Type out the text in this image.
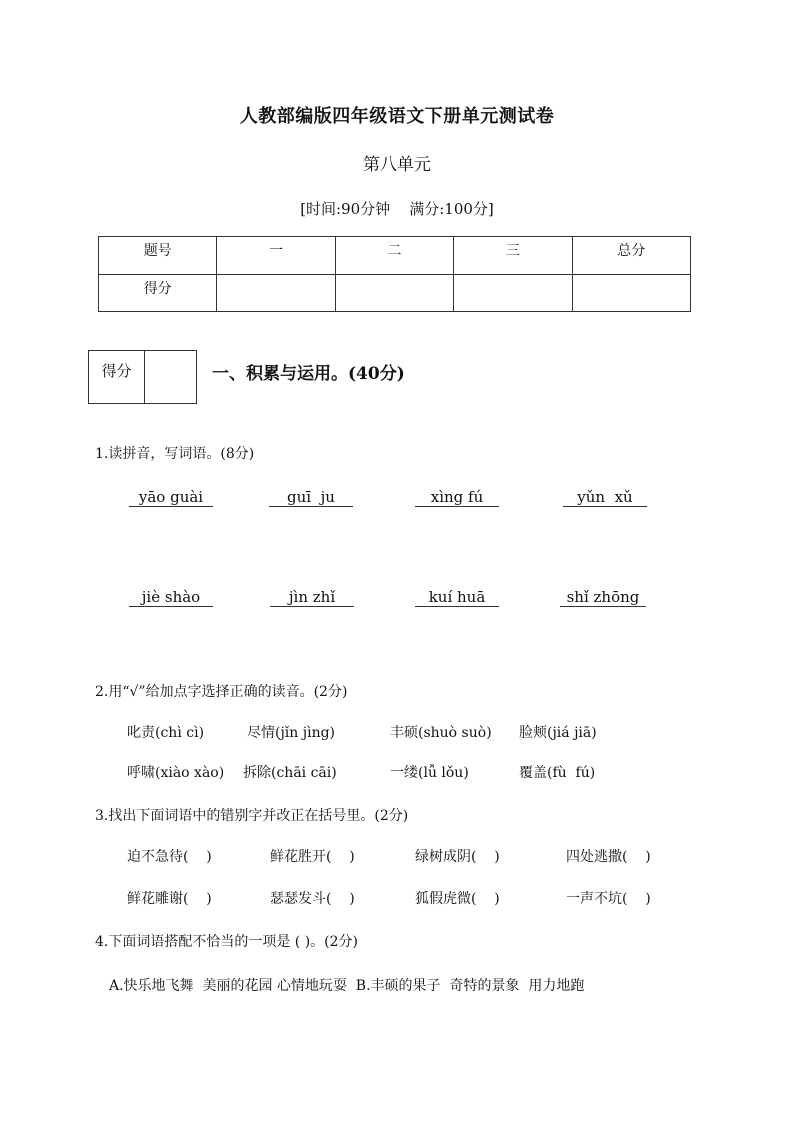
人教部编版四年级语文下册单元测试卷
第八单元
[时间:90分钟    满分:100分]
题号	一	二	三	总分
得分				
得分	一、积累与运用。(40分)
1.读拼音，写词语。(8分)
yāo guài	guī  ju	xìng fú	yǔn  xǔ
jiè shào	jìn zhǐ	kuí huā	shǐ zhōng
2.用“√”给加点字选择正确的读音。(2分)
叱责(chì cì)	尽情(jǐn jìng)	丰硕(shuò suò) 脸颊(jiá jiā)
呼啸(xiào xào) 拆除(chāi cāi)	一缕(lǚ lǒu)	覆盖(fù  fú)
3.找出下面词语中的错别字并改正在括号里。(2分)
迫不急待(    )	鲜花胜开(    )	绿树成阴(    )	四处逃撒(    )
鲜花雕谢(    )	瑟瑟发斗(    )	狐假虎微(    )	一声不坑(    )
4.下面词语搭配不恰当的一项是 ( )。(2分)
A.快乐地飞舞  美丽的花园 心情地玩耍  B.丰硕的果子  奇特的景象  用力地跑
